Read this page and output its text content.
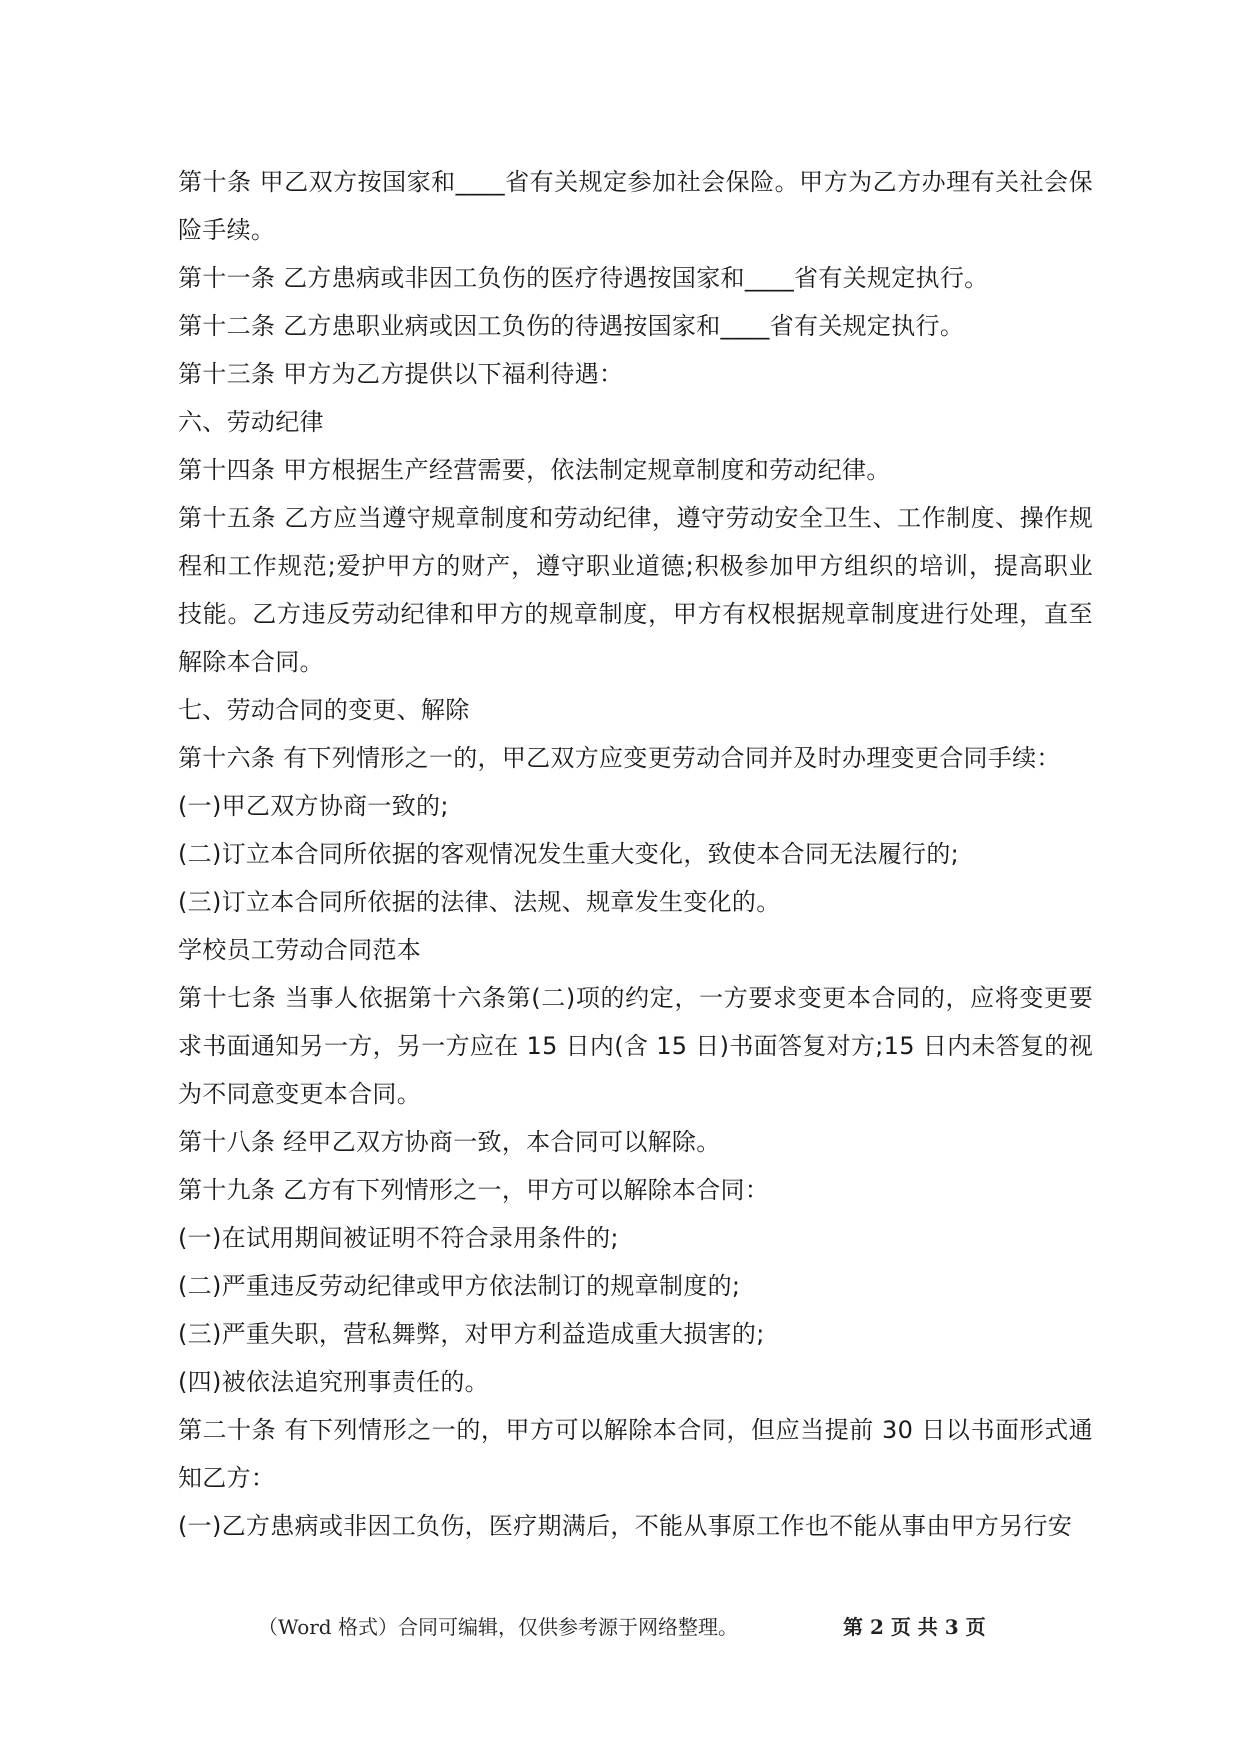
第十条 甲乙双方按国家和____省有关规定参加社会保险。甲方为乙方办理有关社会保险手续。

第十一条 乙方患病或非因工负伤的医疗待遇按国家和____省有关规定执行。

第十二条 乙方患职业病或因工负伤的待遇按国家和____省有关规定执行。

第十三条 甲方为乙方提供以下福利待遇：

六、劳动纪律

第十四条 甲方根据生产经营需要，依法制定规章制度和劳动纪律。

第十五条 乙方应当遵守规章制度和劳动纪律，遵守劳动安全卫生、工作制度、操作规程和工作规范;爱护甲方的财产，遵守职业道德;积极参加甲方组织的培训，提高职业技能。乙方违反劳动纪律和甲方的规章制度，甲方有权根据规章制度进行处理，直至解除本合同。

七、劳动合同的变更、解除

第十六条 有下列情形之一的，甲乙双方应变更劳动合同并及时办理变更合同手续：

(一)甲乙双方协商一致的;

(二)订立本合同所依据的客观情况发生重大变化，致使本合同无法履行的;

(三)订立本合同所依据的法律、法规、规章发生变化的。

学校员工劳动合同范本

第十七条 当事人依据第十六条第(二)项的约定，一方要求变更本合同的，应将变更要求书面通知另一方，另一方应在 15 日内(含 15 日)书面答复对方;15 日内未答复的视为不同意变更本合同。

第十八条 经甲乙双方协商一致，本合同可以解除。

第十九条 乙方有下列情形之一，甲方可以解除本合同：

(一)在试用期间被证明不符合录用条件的;

(二)严重违反劳动纪律或甲方依法制订的规章制度的;

(三)严重失职，营私舞弊，对甲方利益造成重大损害的;

(四)被依法追究刑事责任的。

第二十条 有下列情形之一的，甲方可以解除本合同，但应当提前 30 日以书面形式通知乙方：

(一)乙方患病或非因工负伤，医疗期满后，不能从事原工作也不能从事由甲方另行安

（Word 格式）合同可编辑，仅供参考源于网络整理。	第 2 页 共 3 页
